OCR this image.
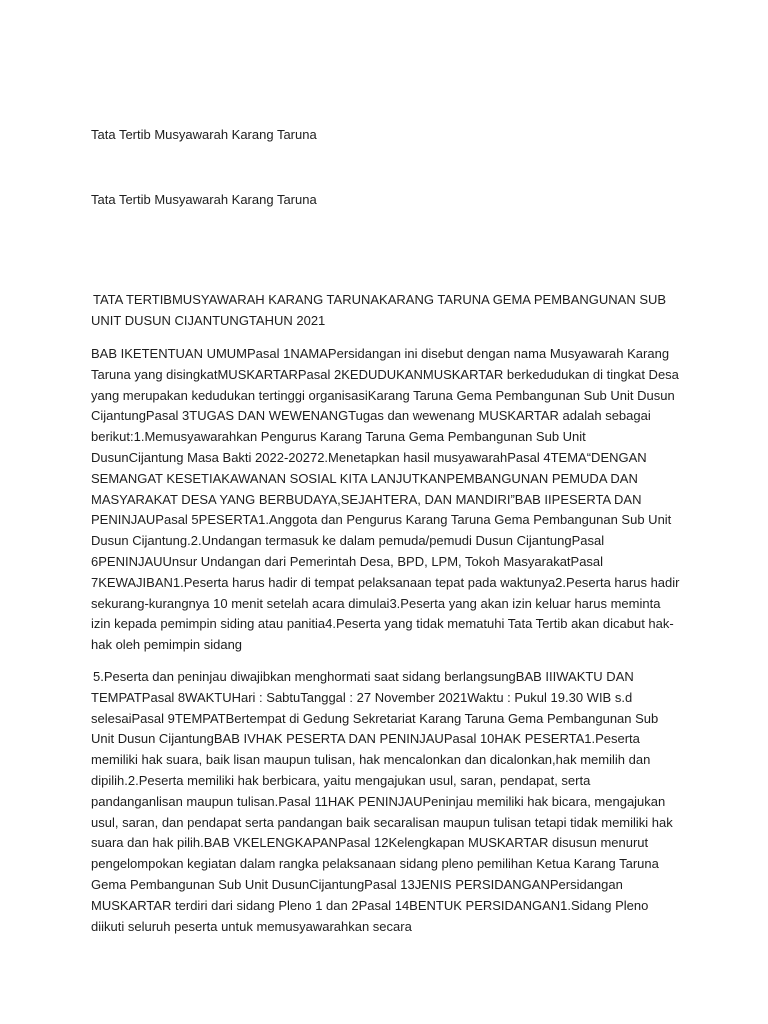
Tata Tertib Musyawarah Karang Taruna
Tata Tertib Musyawarah Karang Taruna
TATA TERTIBMUSYAWARAH KARANG TARUNAKARANG TARUNA GEMA PEMBANGUNAN SUB UNIT DUSUN CIJANTUNGTAHUN 2021
BAB IKETENTUAN UMUMPasal 1NAMAPersidangan ini disebut dengan nama Musyawarah Karang Taruna yang disingkatMUSKARTARPasal 2KEDUDUKANMUSKARTAR berkedudukan di tingkat Desa yang merupakan kedudukan tertinggi organisasiKarang Taruna Gema Pembangunan Sub Unit Dusun CijantungPasal 3TUGAS DAN WEWENANGTugas dan wewenang MUSKARTAR adalah sebagai berikut:1.Memusyawarahkan Pengurus Karang Taruna Gema Pembangunan Sub Unit DusunCijantung Masa Bakti 2022-20272.Menetapkan hasil musyawarahPasal 4TEMA“DENGAN SEMANGAT KESETIAKAWANAN SOSIAL KITA LANJUTKANPEMBANGUNAN PEMUDA DAN MASYARAKAT DESA YANG BERBUDAYA,SEJAHTERA, DAN MANDIRI”BAB IIPESERTA DAN PENINJAUPasal 5PESERTA1.Anggota dan Pengurus Karang Taruna Gema Pembangunan Sub Unit Dusun Cijantung.2.Undangan termasuk ke dalam pemuda/pemudi Dusun CijantungPasal 6PENINJAUUnsur Undangan dari Pemerintah Desa, BPD, LPM, Tokoh MasyarakatPasal 7KEWAJIBAN1.Peserta harus hadir di tempat pelaksanaan tepat pada waktunya2.Peserta harus hadir sekurang-kurangnya 10 menit setelah acara dimulai3.Peserta yang akan izin keluar harus meminta izin kepada pemimpin siding atau panitia4.Peserta yang tidak mematuhi Tata Tertib akan dicabut hak-hak oleh pemimpin sidang
5.Peserta dan peninjau diwajibkan menghormati saat sidang berlangsungBAB IIIWAKTU DAN TEMPATPasal 8WAKTUHari : SabtuTanggal : 27 November 2021Waktu : Pukul 19.30 WIB s.d selesaiPasal 9TEMPATBertempat di Gedung Sekretariat Karang Taruna Gema Pembangunan Sub Unit Dusun CijantungBAB IVHAK PESERTA DAN PENINJAUPasal 10HAK PESERTA1.Peserta memiliki hak suara, baik lisan maupun tulisan, hak mencalonkan dan dicalonkan,hak memilih dan dipilih.2.Peserta memiliki hak berbicara, yaitu mengajukan usul, saran, pendapat, serta pandanganlisan maupun tulisan.Pasal 11HAK PENINJAUPeninjau memiliki hak bicara, mengajukan usul, saran, dan pendapat serta pandangan baik secaralisan maupun tulisan tetapi tidak memiliki hak suara dan hak pilih.BAB VKELENGKAPANPasal 12Kelengkapan MUSKARTAR disusun menurut pengelompokan kegiatan dalam rangka pelaksanaan sidang pleno pemilihan Ketua Karang Taruna Gema Pembangunan Sub Unit DusunCijantungPasal 13JENIS PERSIDANGANPersidangan MUSKARTAR terdiri dari sidang Pleno 1 dan 2Pasal 14BENTUK PERSIDANGAN1.Sidang Pleno diikuti seluruh peserta untuk memusyawarahkan secara
